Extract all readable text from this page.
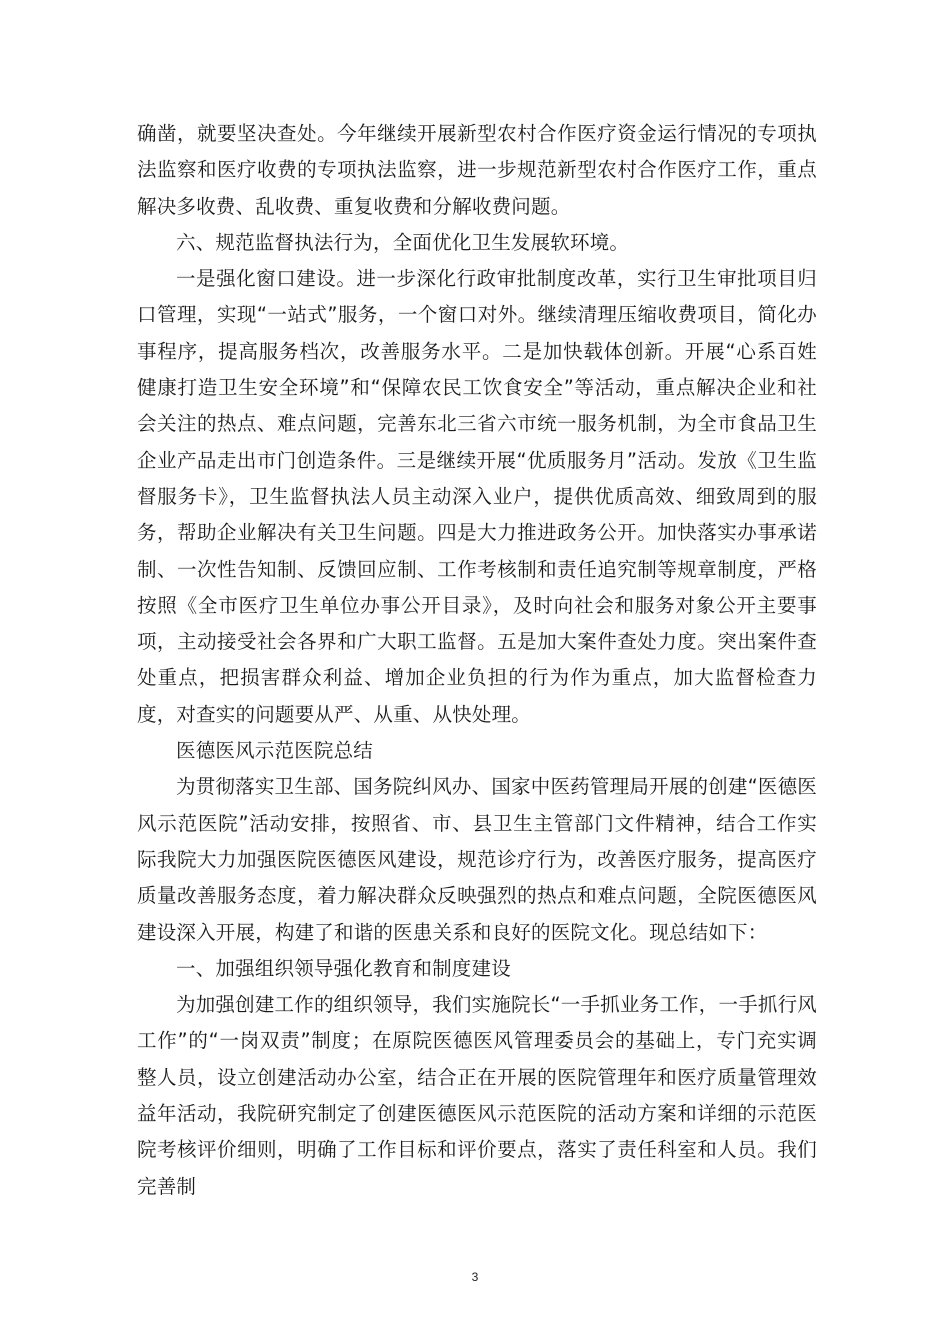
确凿，就要坚决查处。今年继续开展新型农村合作医疗资金运行情况的专项执法监察和医疗收费的专项执法监察，进一步规范新型农村合作医疗工作，重点解决多收费、乱收费、重复收费和分解收费问题。

六、规范监督执法行为，全面优化卫生发展软环境。

一是强化窗口建设。进一步深化行政审批制度改革，实行卫生审批项目归口管理，实现“一站式”服务，一个窗口对外。继续清理压缩收费项目，简化办事程序，提高服务档次，改善服务水平。二是加快载体创新。开展“心系百姓健康打造卫生安全环境”和“保障农民工饮食安全”等活动，重点解决企业和社会关注的热点、难点问题，完善东北三省六市统一服务机制，为全市食品卫生企业产品走出市门创造条件。三是继续开展“优质服务月”活动。发放《卫生监督服务卡》，卫生监督执法人员主动深入业户，提供优质高效、细致周到的服务，帮助企业解决有关卫生问题。四是大力推进政务公开。加快落实办事承诺制、一次性告知制、反馈回应制、工作考核制和责任追究制等规章制度，严格按照《全市医疗卫生单位办事公开目录》，及时向社会和服务对象公开主要事项，主动接受社会各界和广大职工监督。五是加大案件查处力度。突出案件查处重点，把损害群众利益、增加企业负担的行为作为重点，加大监督检查力度，对查实的问题要从严、从重、从快处理。

医德医风示范医院总结

为贯彻落实卫生部、国务院纠风办、国家中医药管理局开展的创建“医德医风示范医院”活动安排，按照省、市、县卫生主管部门文件精神，结合工作实际我院大力加强医院医德医风建设，规范诊疗行为，改善医疗服务，提高医疗质量改善服务态度，着力解决群众反映强烈的热点和难点问题，全院医德医风建设深入开展，构建了和谐的医患关系和良好的医院文化。现总结如下：

一、加强组织领导强化教育和制度建设

为加强创建工作的组织领导，我们实施院长“一手抓业务工作，一手抓行风工作”的“一岗双责”制度；在原院医德医风管理委员会的基础上，专门充实调整人员，设立创建活动办公室，结合正在开展的医院管理年和医疗质量管理效益年活动，我院研究制定了创建医德医风示范医院的活动方案和详细的示范医院考核评价细则，明确了工作目标和评价要点，落实了责任科室和人员。我们完善制

3
